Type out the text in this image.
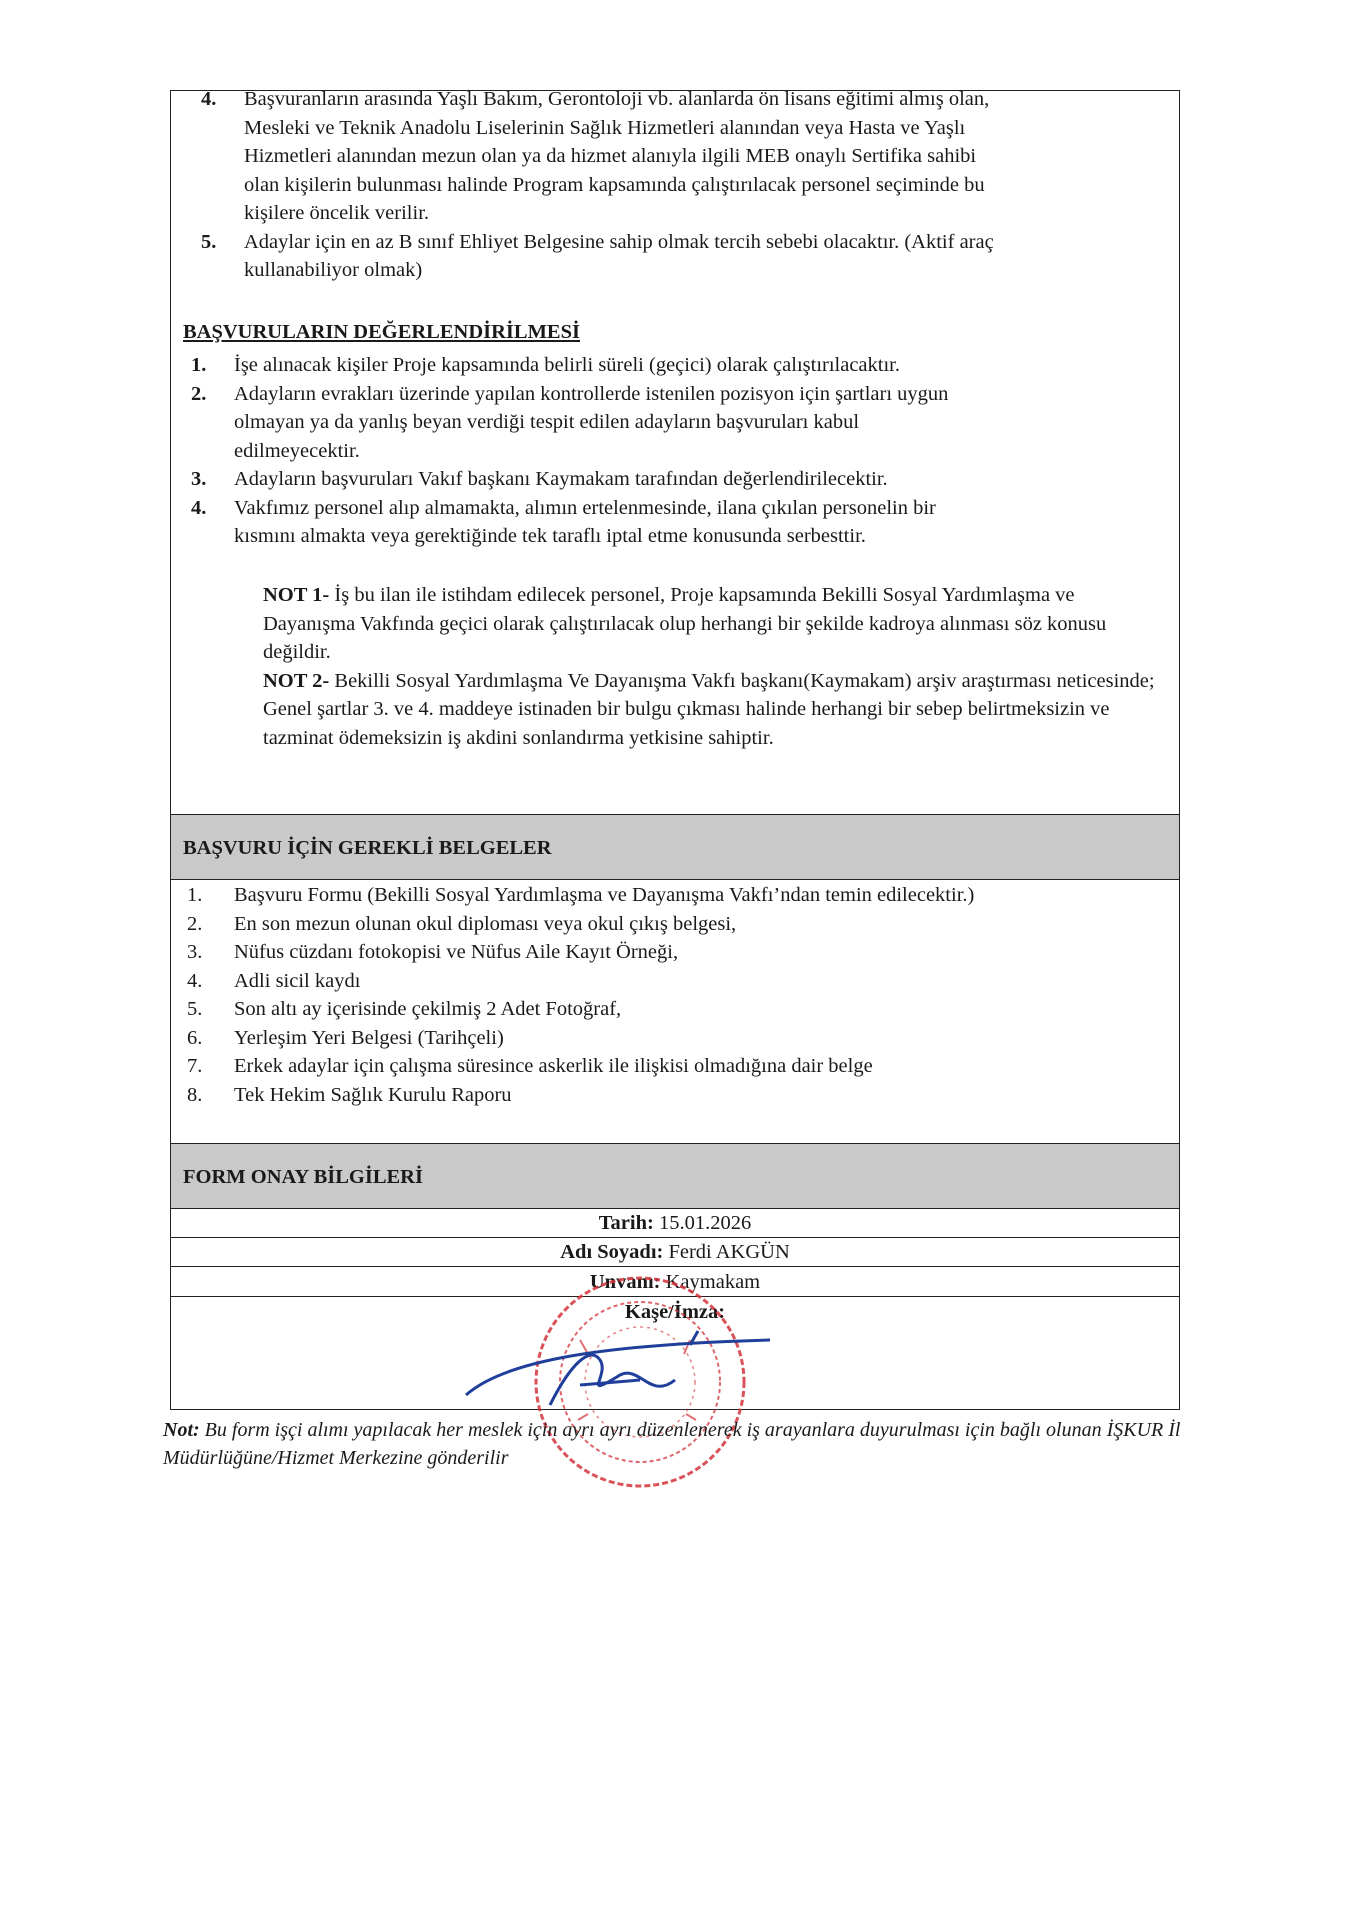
4. Başvuranların arasında Yaşlı Bakım, Gerontoloji vb. alanlarda ön lisans eğitimi almış olan,
Mesleki ve Teknik Anadolu Liselerinin Sağlık Hizmetleri alanından veya Hasta ve Yaşlı
Hizmetleri alanından mezun olan ya da hizmet alanıyla ilgili MEB onaylı Sertifika sahibi
olan kişilerin bulunması halinde Program kapsamında çalıştırılacak personel seçiminde bu
kişilere öncelik verilir.
5. Adaylar için en az B sınıf Ehliyet Belgesine sahip olmak tercih sebebi olacaktır. (Aktif araç
kullanabiliyor olmak)
BAŞVURULARIN DEĞERLENDİRİLMESİ
1. İşe alınacak kişiler Proje kapsamında belirli süreli (geçici) olarak çalıştırılacaktır.
2. Adayların evrakları üzerinde yapılan kontrollerde istenilen pozisyon için şartları uygun
olmayan ya da yanlış beyan verdiği tespit edilen adayların başvuruları kabul
edilmeyecektir.
3. Adayların başvuruları Vakıf başkanı Kaymakam tarafından değerlendirilecektir.
4. Vakfımız personel alıp almamakta, alımın ertelenmesinde, ilana çıkılan personelin bir
kısmını almakta veya gerektiğinde tek taraflı iptal etme konusunda serbesttir.
NOT 1- İş bu ilan ile istihdam edilecek personel, Proje kapsamında Bekilli Sosyal Yardımlaşma ve Dayanışma Vakfında geçici olarak çalıştırılacak olup herhangi bir şekilde kadroya alınması söz konusu değildir.
NOT 2- Bekilli Sosyal Yardımlaşma Ve Dayanışma Vakfı başkanı(Kaymakam) arşiv araştırması neticesinde; Genel şartlar 3. ve 4. maddeye istinaden bir bulgu çıkması halinde herhangi bir sebep belirtmeksizin ve tazminat ödemeksizin iş akdini sonlandırma yetkisine sahiptir.
BAŞVURU İÇİN GEREKLİ BELGELER
1. Başvuru Formu (Bekilli Sosyal Yardımlaşma ve Dayanışma Vakfı’ndan temin edilecektir.)
2. En son mezun olunan okul diploması veya okul çıkış belgesi,
3. Nüfus cüzdanı fotokopisi ve Nüfus Aile Kayıt Örneği,
4. Adli sicil kaydı
5. Son altı ay içerisinde çekilmiş 2 Adet Fotoğraf,
6. Yerleşim Yeri Belgesi (Tarihçeli)
7. Erkek adaylar için çalışma süresince askerlik ile ilişkisi olmadığına dair belge
8. Tek Hekim Sağlık Kurulu Raporu
FORM ONAY BİLGİLERİ
Tarih: 15.01.2026
Adı Soyadı: Ferdi AKGÜN
Unvanı: Kaymakam
Kaşe/İmza:
Not: Bu form işçi alımı yapılacak her meslek için ayrı ayrı düzenlenerek iş arayanlara duyurulması için bağlı olunan İŞKUR İl Müdürlüğüne/Hizmet Merkezine gönderilir
